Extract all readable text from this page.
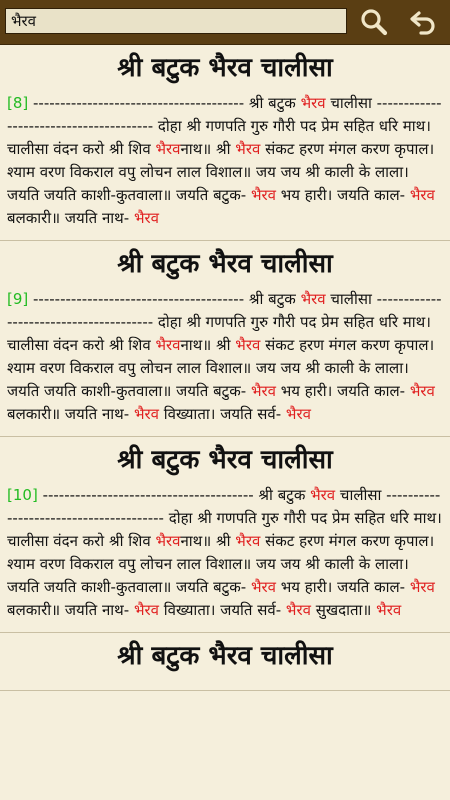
भैरव
श्री बटुक भैरव चालीसा
[8] --------------------------------------- श्री बटुक भैरव चालीसा --------------------------------------- दोहा श्री गणपति गुरु गौरी पद प्रेम सहित धरि माथ। चालीसा वंदन करो श्री शिव भैरवनाथ॥ श्री भैरव संकट हरण मंगल करण कृपाल। श्याम वरण विकराल वपु लोचन लाल विशाल॥ जय जय श्री काली के लाला। जयति जयति काशी-कुतवाला॥ जयति बटुक- भैरव भय हारी। जयति काल- भैरव बलकारी॥ जयति नाथ- भैरव
श्री बटुक भैरव चालीसा
[9] --------------------------------------- श्री बटुक भैरव चालीसा --------------------------------------- दोहा श्री गणपति गुरु गौरी पद प्रेम सहित धरि माथ। चालीसा वंदन करो श्री शिव भैरवनाथ॥ श्री भैरव संकट हरण मंगल करण कृपाल। श्याम वरण विकराल वपु लोचन लाल विशाल॥ जय जय श्री काली के लाला। जयति जयति काशी-कुतवाला॥ जयति बटुक- भैरव भय हारी। जयति काल- भैरव बलकारी॥ जयति नाथ- भैरव विख्याता। जयति सर्व- भैरव
श्री बटुक भैरव चालीसा
[10] --------------------------------------- श्री बटुक भैरव चालीसा --------------------------------------- दोहा श्री गणपति गुरु गौरी पद प्रेम सहित धरि माथ। चालीसा वंदन करो श्री शिव भैरवनाथ॥ श्री भैरव संकट हरण मंगल करण कृपाल। श्याम वरण विकराल वपु लोचन लाल विशाल॥ जय जय श्री काली के लाला। जयति जयति काशी-कुतवाला॥ जयति बटुक- भैरव भय हारी। जयति काल- भैरव बलकारी॥ जयति नाथ- भैरव विख्याता। जयति सर्व- भैरव सुखदाता॥ भैरव
श्री बटुक भैरव चालीसा
